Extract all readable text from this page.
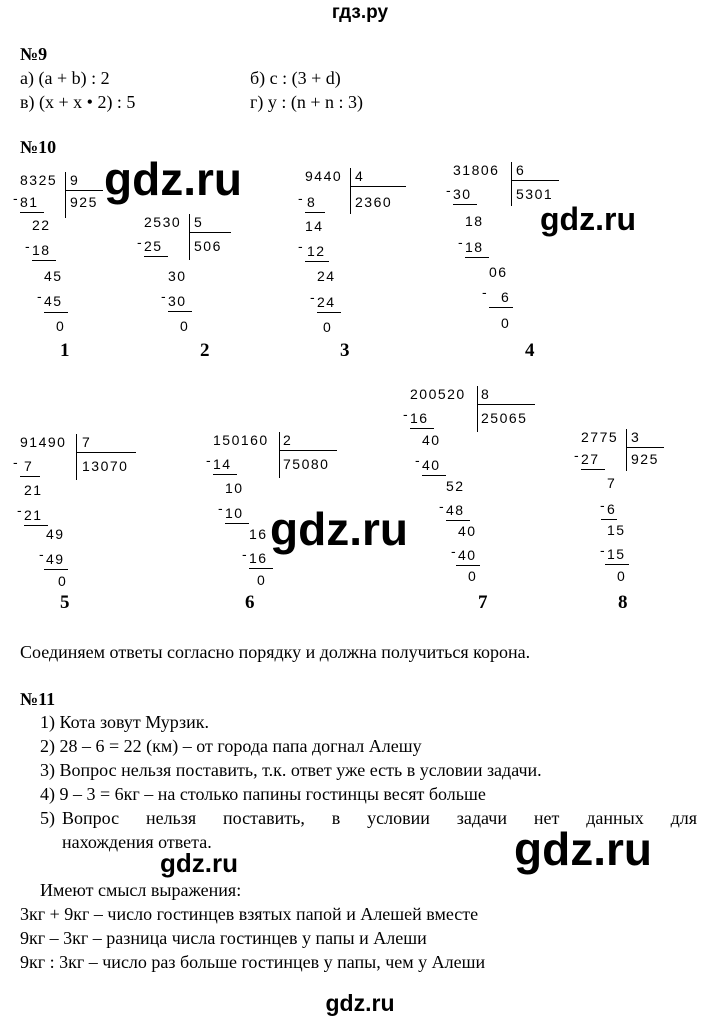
гдз.ру
№9
а) (a + b) : 2	б) c : (3 + d)
в) (x + x • 2) : 5	г) y : (n + n : 3)
№10
8325 9
925
- 81
22
- 18
45
- 45
0
1
2530 5
506
- 25
30
- 30
0
2
9440 4
2360
- 8
14
- 12
24
- 24
0
3
31806 6
5301
- 30
18
- 18
06
- 6
0
4
91490 7
13070
- 7
21
- 21
49
- 49
0
5
150160 2
75080
- 14
10
- 10
16
- 16
0
6
200520 8
25065
- 16
40
- 40
52
- 48
40
- 40
0
7
2775 3
925
- 27
7
- 6
15
- 15
0
8
Соединяем ответы согласно порядку и должна получиться корона.
№11
1) Кота зовут Мурзик.
2) 28 – 6 = 22 (км) – от города папа догнал Алешу
3) Вопрос нельзя поставить, т.к. ответ уже есть в условии задачи.
4) 9 – 3 = 6кг – на столько папины гостинцы весят больше
5) Вопрос нельзя поставить, в условии задачи нет данных для
нахождения ответа.
Имеют смысл выражения:
3кг + 9кг – число гостинцев взятых папой и Алешей вместе
9кг – 3кг – разница числа гостинцев у папы и Алеши
9кг : 3кг – число раз больше гостинцев у папы, чем у Алеши
gdz.ru
gdz.ru
gdz.ru
gdz.ru	gdz.ru
gdz.ru
